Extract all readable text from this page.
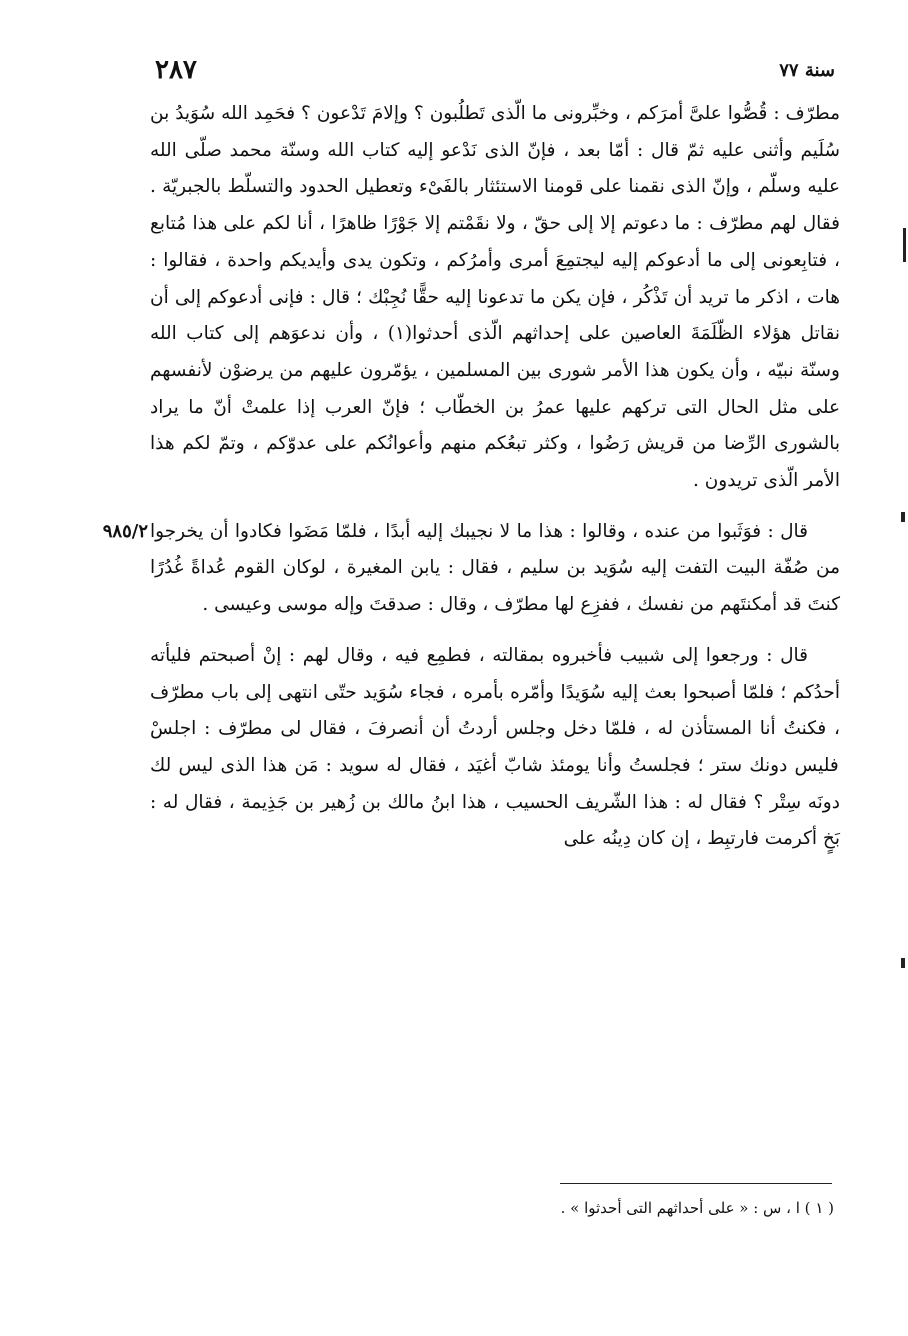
سنة ٧٧
٢٨٧

مطرّف : قُصُّوا علىَّ أمرَكم ، وخبِّرونى ما الّذى تَطلُبون ؟ وإلامَ تَدْعون ؟ فحَمِد الله سُوَيدُ بن سُلَيم وأثنى عليه ثمّ قال : أمّا بعد ، فإنّ الذى نَدْعو إليه كتاب الله وسنّة محمد صلّى الله عليه وسلّم ، وإنّ الذى نقمنا على قومنا الاستئثار بالفَىْء وتعطيل الحدود والتسلّط بالجبريّة . فقال لهم مطرّف : ما دعوتم إلا إلى حقّ ، ولا نقَمْتم إلا جَوْرًا ظاهرًا ، أنا لكم على هذا مُتابع ، فتابِعونى إلى ما أدعوكم إليه ليجتمِعَ أمرى وأمرُكم ، وتكون يدى وأيديكم واحدة ، فقالوا : هات ، اذكر ما تريد أن تَذْكُر ، فإن يكن ما تدعونا إليه حقًّا نُجِبْك ؛ قال : فإنى أدعوكم إلى أن نقاتل هؤلاء الظّلَمَةَ العاصين على إحداثهم الّذى أحدثوا(١) ، وأن ندعوَهم إلى كتاب الله وسنّة نبيّه ، وأن يكون هذا الأمر شورى بين المسلمين ، يؤمّرون عليهم من يرضوْن لأنفسهم على مثل الحال التى تركهم عليها عمرُ بن الخطّاب ؛ فإنّ العرب إذا علمتْ أنّ ما يراد بالشورى الرِّضا من قريش رَضُوا ، وكثر تبعُكم منهم وأعوانُكم على عدوّكم ، وتمّ لكم هذا الأمر الّذى تريدون .

٩٨٥/٢	قال : فوَثَبوا من عنده ، وقالوا : هذا ما لا نجيبك إليه أبدًا ، فلمّا مَضَوا فكادوا أن يخرجوا من صُفّة البيت التفت إليه سُوَيد بن سليم ، فقال : يابن المغيرة ، لوكان القوم عُداةً غُدُرًا كنتَ قد أمكنتَهم من نفسك ، ففزِع لها مطرّف ، وقال : صدقتَ وإله موسى وعيسى .

قال : ورجعوا إلى شبيب فأخبروه بمقالته ، فطمِع فيه ، وقال لهم : إنْ أصبحتم فليأته أحدُكم ؛ فلمّا أصبحوا بعث إليه سُوَيدًا وأمّره بأمره ، فجاء سُوَيد حتّى انتهى إلى باب مطرّف ، فكنتُ أنا المستأذن له ، فلمّا دخل وجلس أردتُ أن أنصرفَ ، فقال لى مطرّف : اجلسْ فليس دونك ستر ؛ فجلستُ وأنا يومئذ شابّ أغيَد ، فقال له سويد : مَن هذا الذى ليس لك دونَه سِتْر ؟ فقال له : هذا الشّريف الحسيب ، هذا ابنُ مالك بن زُهير بن جَذِيمة ، فقال له : بَخٍ أكرمت فارتبِط ، إن كان دِينُه على

( ١ ) ا ، س : « على أحداثهم التى أحدثوا » .
